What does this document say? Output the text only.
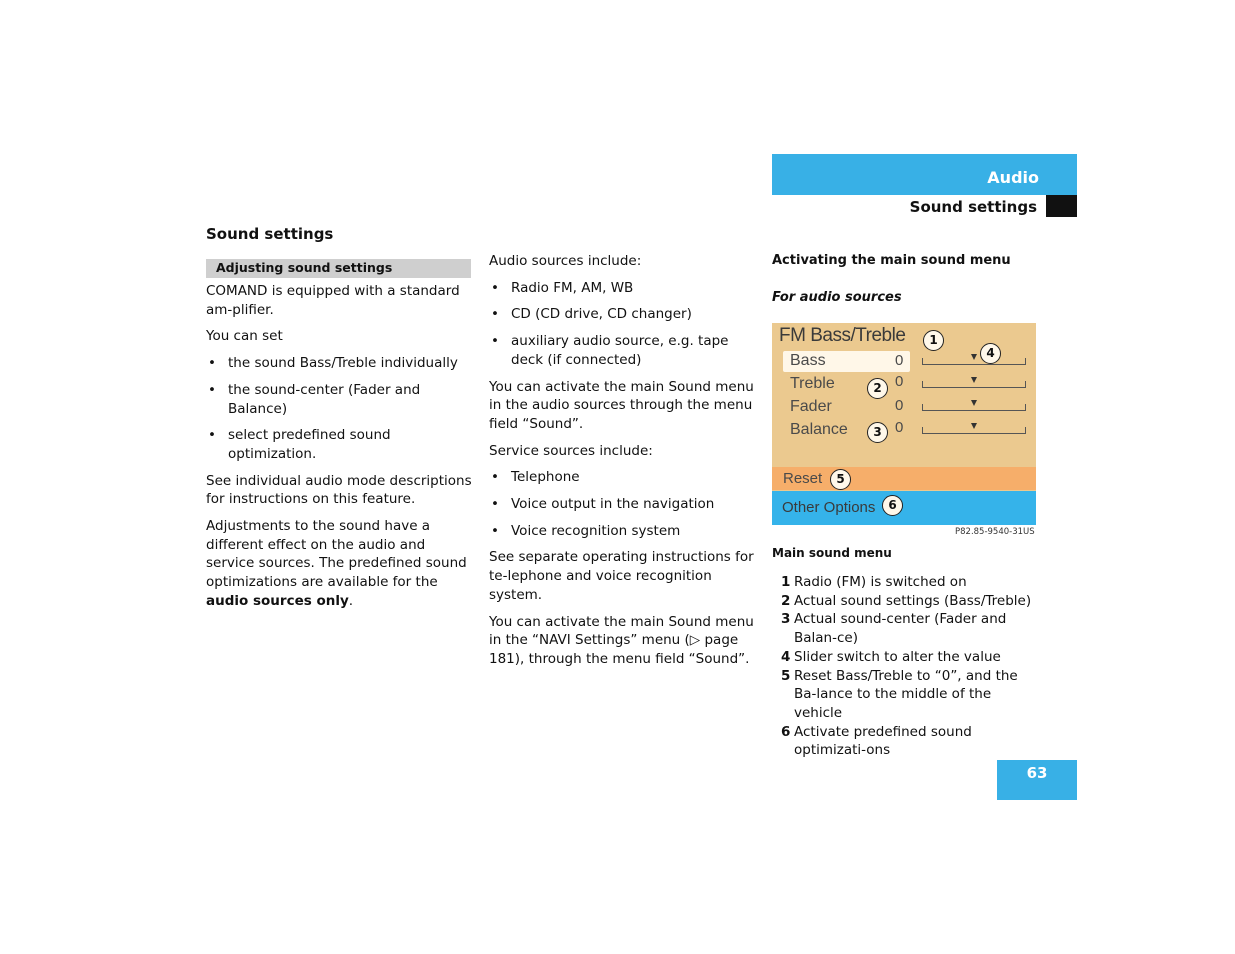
Audio
Sound settings
Sound settings
Adjusting sound settings

COMAND is equipped with a standard am-plifier.

You can set

• the sound Bass/Treble individually
• the sound-center (Fader and Balance)
• select predefined sound optimization.

See individual audio mode descriptions for instructions on this feature.

Adjustments to the sound have a different effect on the audio and service sources. The predefined sound optimizations are available for the audio sources only.

Audio sources include:

• Radio FM, AM, WB
• CD (CD drive, CD changer)
• auxiliary audio source, e.g. tape deck (if connected)

You can activate the main Sound menu in the audio sources through the menu field “Sound”.

Service sources include:

• Telephone
• Voice output in the navigation
• Voice recognition system

See separate operating instructions for te-lephone and voice recognition system.

You can activate the main Sound menu in the “NAVI Settings” menu (▷ page 181), through the menu field “Sound”.

Activating the main sound menu
For audio sources
FM Bass/Treble
Bass	0
Treble	0
Fader	0
Balance	0
Reset
Other Options
1
4
2
3
5
6
P82.85-9540-31US
Main sound menu
1 Radio (FM) is switched on
2 Actual sound settings (Bass/Treble)
3 Actual sound-center (Fader and Balan-ce)
4 Slider switch to alter the value
5 Reset Bass/Treble to “0”, and the Ba-lance to the middle of the vehicle
6 Activate predefined sound optimizati-ons
63
